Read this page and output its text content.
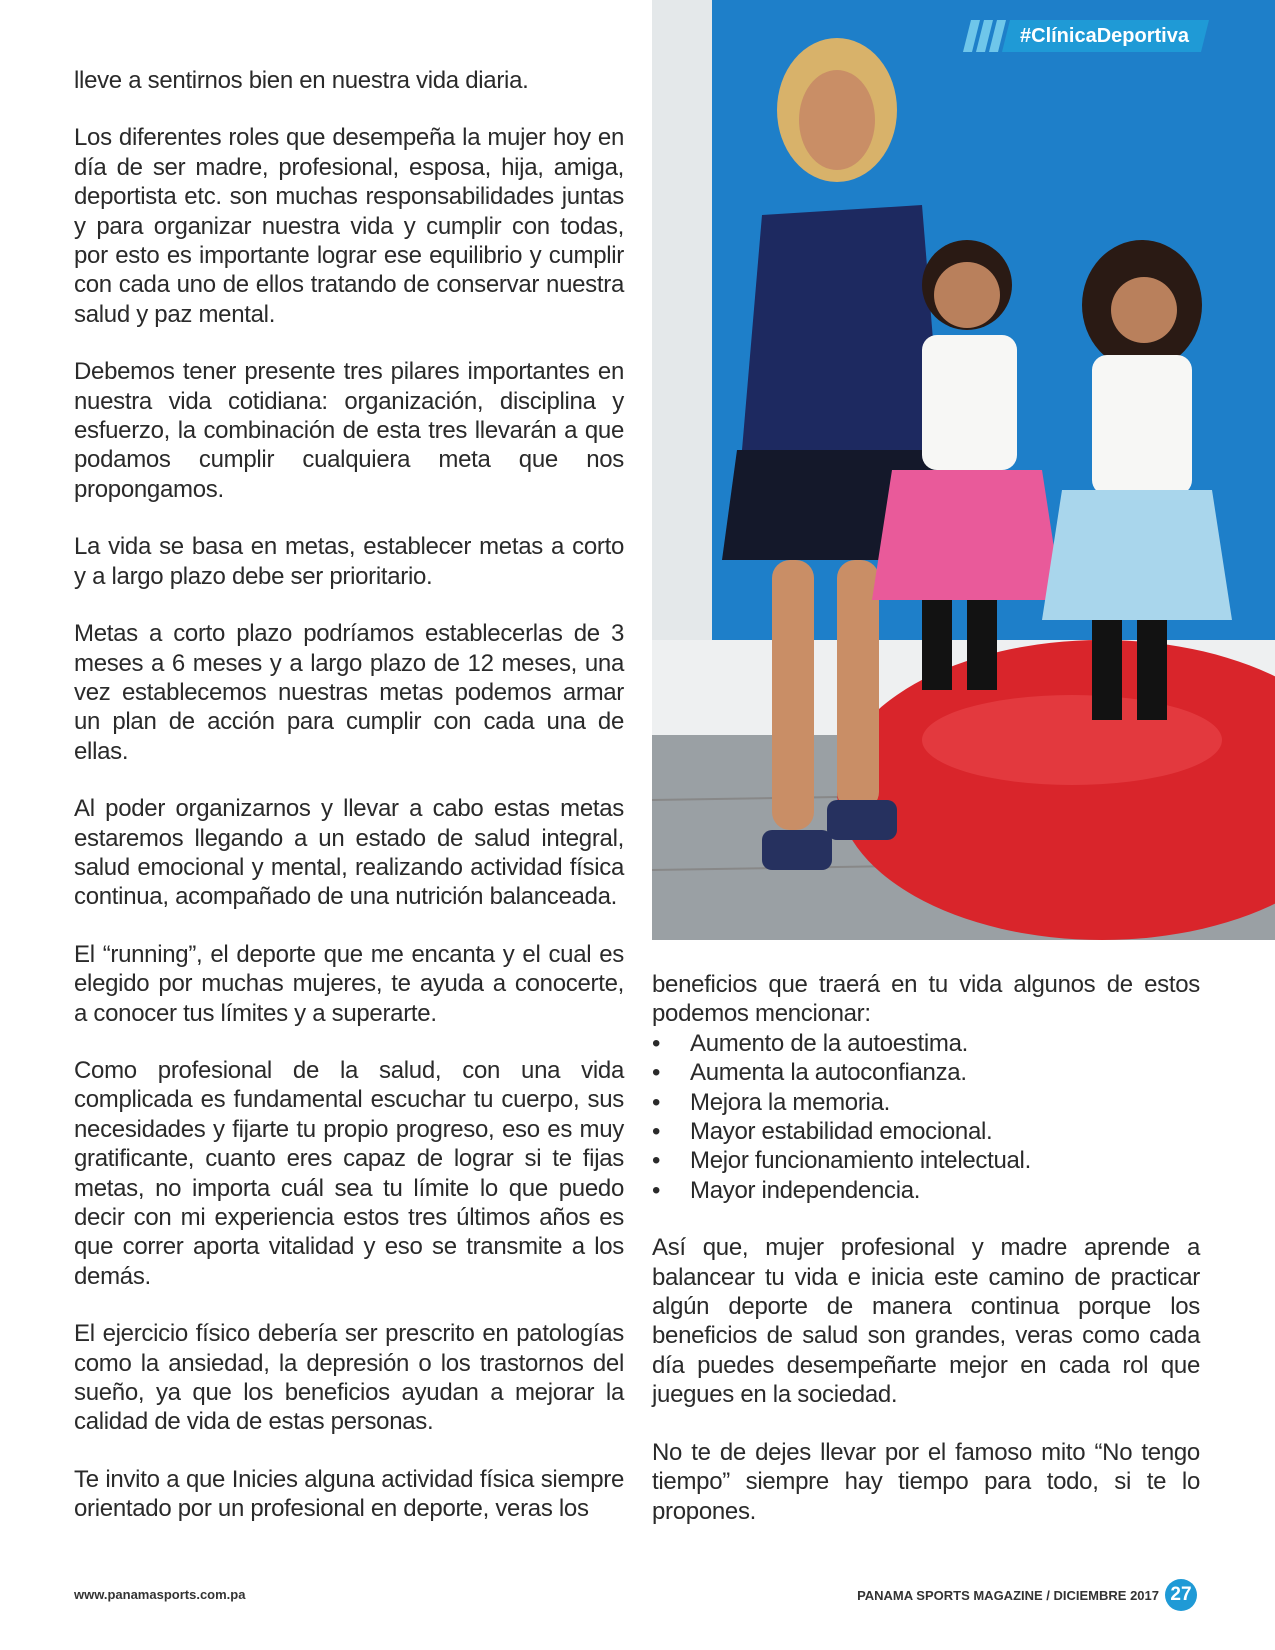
lleve a sentirnos bien en nuestra vida diaria.

Los diferentes roles que desempeña la mujer hoy en día de ser madre, profesional, esposa, hija, amiga, deportista etc. son muchas responsabilidades juntas y para organizar nuestra vida y cumplir con todas, por esto es importante lograr ese equilibrio y cumplir con cada uno de ellos tratando de conservar nuestra salud y paz mental.

Debemos tener presente tres pilares importantes en nuestra vida cotidiana: organización, disciplina y esfuerzo, la combinación de esta tres llevarán a que podamos cumplir cualquiera meta que nos propongamos.

La vida se basa en metas, establecer metas a corto y a largo plazo debe ser prioritario.

Metas a corto plazo podríamos establecerlas de 3 meses a 6 meses y a largo plazo de 12 meses, una vez establecemos nuestras metas podemos armar un plan de acción para cumplir con cada una de ellas.

Al poder organizarnos y llevar a cabo estas metas estaremos llegando a un estado de salud integral, salud emocional y mental, realizando actividad física continua, acompañado de una nutrición balanceada.

El “running”, el deporte que me encanta y el cual es elegido por muchas mujeres, te ayuda a conocerte, a conocer tus límites y a superarte.

Como profesional de la salud, con una vida complicada es fundamental escuchar tu cuerpo, sus necesidades y fijarte tu propio progreso, eso es muy gratificante, cuanto eres capaz de lograr si te fijas metas, no importa cuál sea tu límite lo que puedo decir con mi experiencia estos tres últimos años es que correr aporta vitalidad y eso se transmite a los demás.

El ejercicio físico debería ser prescrito en patologías como la ansiedad, la depresión o los trastornos del sueño, ya que los beneficios ayudan a mejorar la calidad de vida de estas personas.

Te invito a que Inicies alguna actividad física siempre orientado por un profesional en deporte, veras los

#ClínicaDeportiva

beneficios que traerá en tu vida algunos de estos podemos mencionar:

• Aumento de la autoestima.
• Aumenta la autoconfianza.
• Mejora la memoria.
• Mayor estabilidad emocional.
• Mejor funcionamiento intelectual.
• Mayor independencia.

Así que, mujer profesional y madre aprende a balancear tu vida e inicia este camino de practicar algún deporte de manera continua porque los beneficios de salud son grandes, veras como cada día puedes desempeñarte mejor en cada rol que juegues en la sociedad.

No te de dejes llevar por el famoso mito “No tengo tiempo” siempre hay tiempo para todo, si te lo propones.

www.panamasports.com.pa	PANAMA SPORTS MAGAZINE / DICIEMBRE 2017 27
